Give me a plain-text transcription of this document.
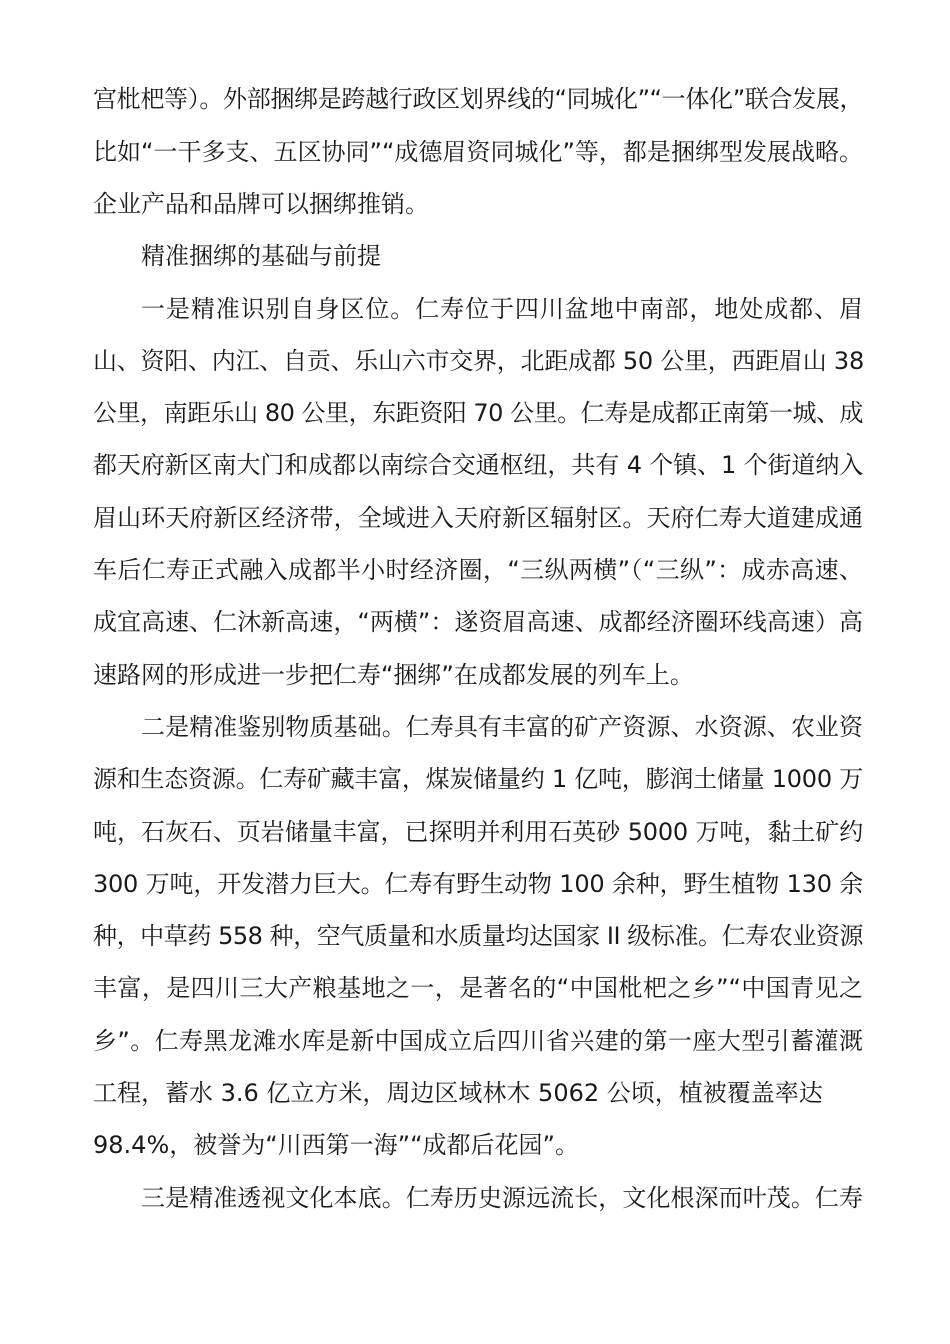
宫枇杷等）。外部捆绑是跨越行政区划界线的“同城化”“一体化”联合发展，
比如“一干多支、五区协同”“成德眉资同城化”等，都是捆绑型发展战略。
企业产品和品牌可以捆绑推销。
精准捆绑的基础与前提
一是精准识别自身区位。仁寿位于四川盆地中南部，地处成都、眉
山、资阳、内江、自贡、乐山六市交界，北距成都 50 公里，西距眉山 38
公里，南距乐山 80 公里，东距资阳 70 公里。仁寿是成都正南第一城、成
都天府新区南大门和成都以南综合交通枢纽，共有 4 个镇、1 个街道纳入
眉山环天府新区经济带，全域进入天府新区辐射区。天府仁寿大道建成通
车后仁寿正式融入成都半小时经济圈，“三纵两横”（“三纵”：成赤高速、
成宜高速、仁沐新高速，“两横”：遂资眉高速、成都经济圈环线高速）高
速路网的形成进一步把仁寿“捆绑”在成都发展的列车上。
二是精准鉴别物质基础。仁寿具有丰富的矿产资源、水资源、农业资
源和生态资源。仁寿矿藏丰富，煤炭储量约 1 亿吨，膨润土储量 1000 万
吨，石灰石、页岩储量丰富，已探明并利用石英砂 5000 万吨，黏土矿约
300 万吨，开发潜力巨大。仁寿有野生动物 100 余种，野生植物 130 余
种，中草药 558 种，空气质量和水质量均达国家 II 级标准。仁寿农业资源
丰富，是四川三大产粮基地之一，是著名的“中国枇杷之乡”“中国青见之
乡”。仁寿黑龙滩水库是新中国成立后四川省兴建的第一座大型引蓄灌溉
工程，蓄水 3.6 亿立方米，周边区域林木 5062 公顷，植被覆盖率达
98.4%，被誉为“川西第一海”“成都后花园”。
三是精准透视文化本底。仁寿历史源远流长，文化根深而叶茂。仁寿
